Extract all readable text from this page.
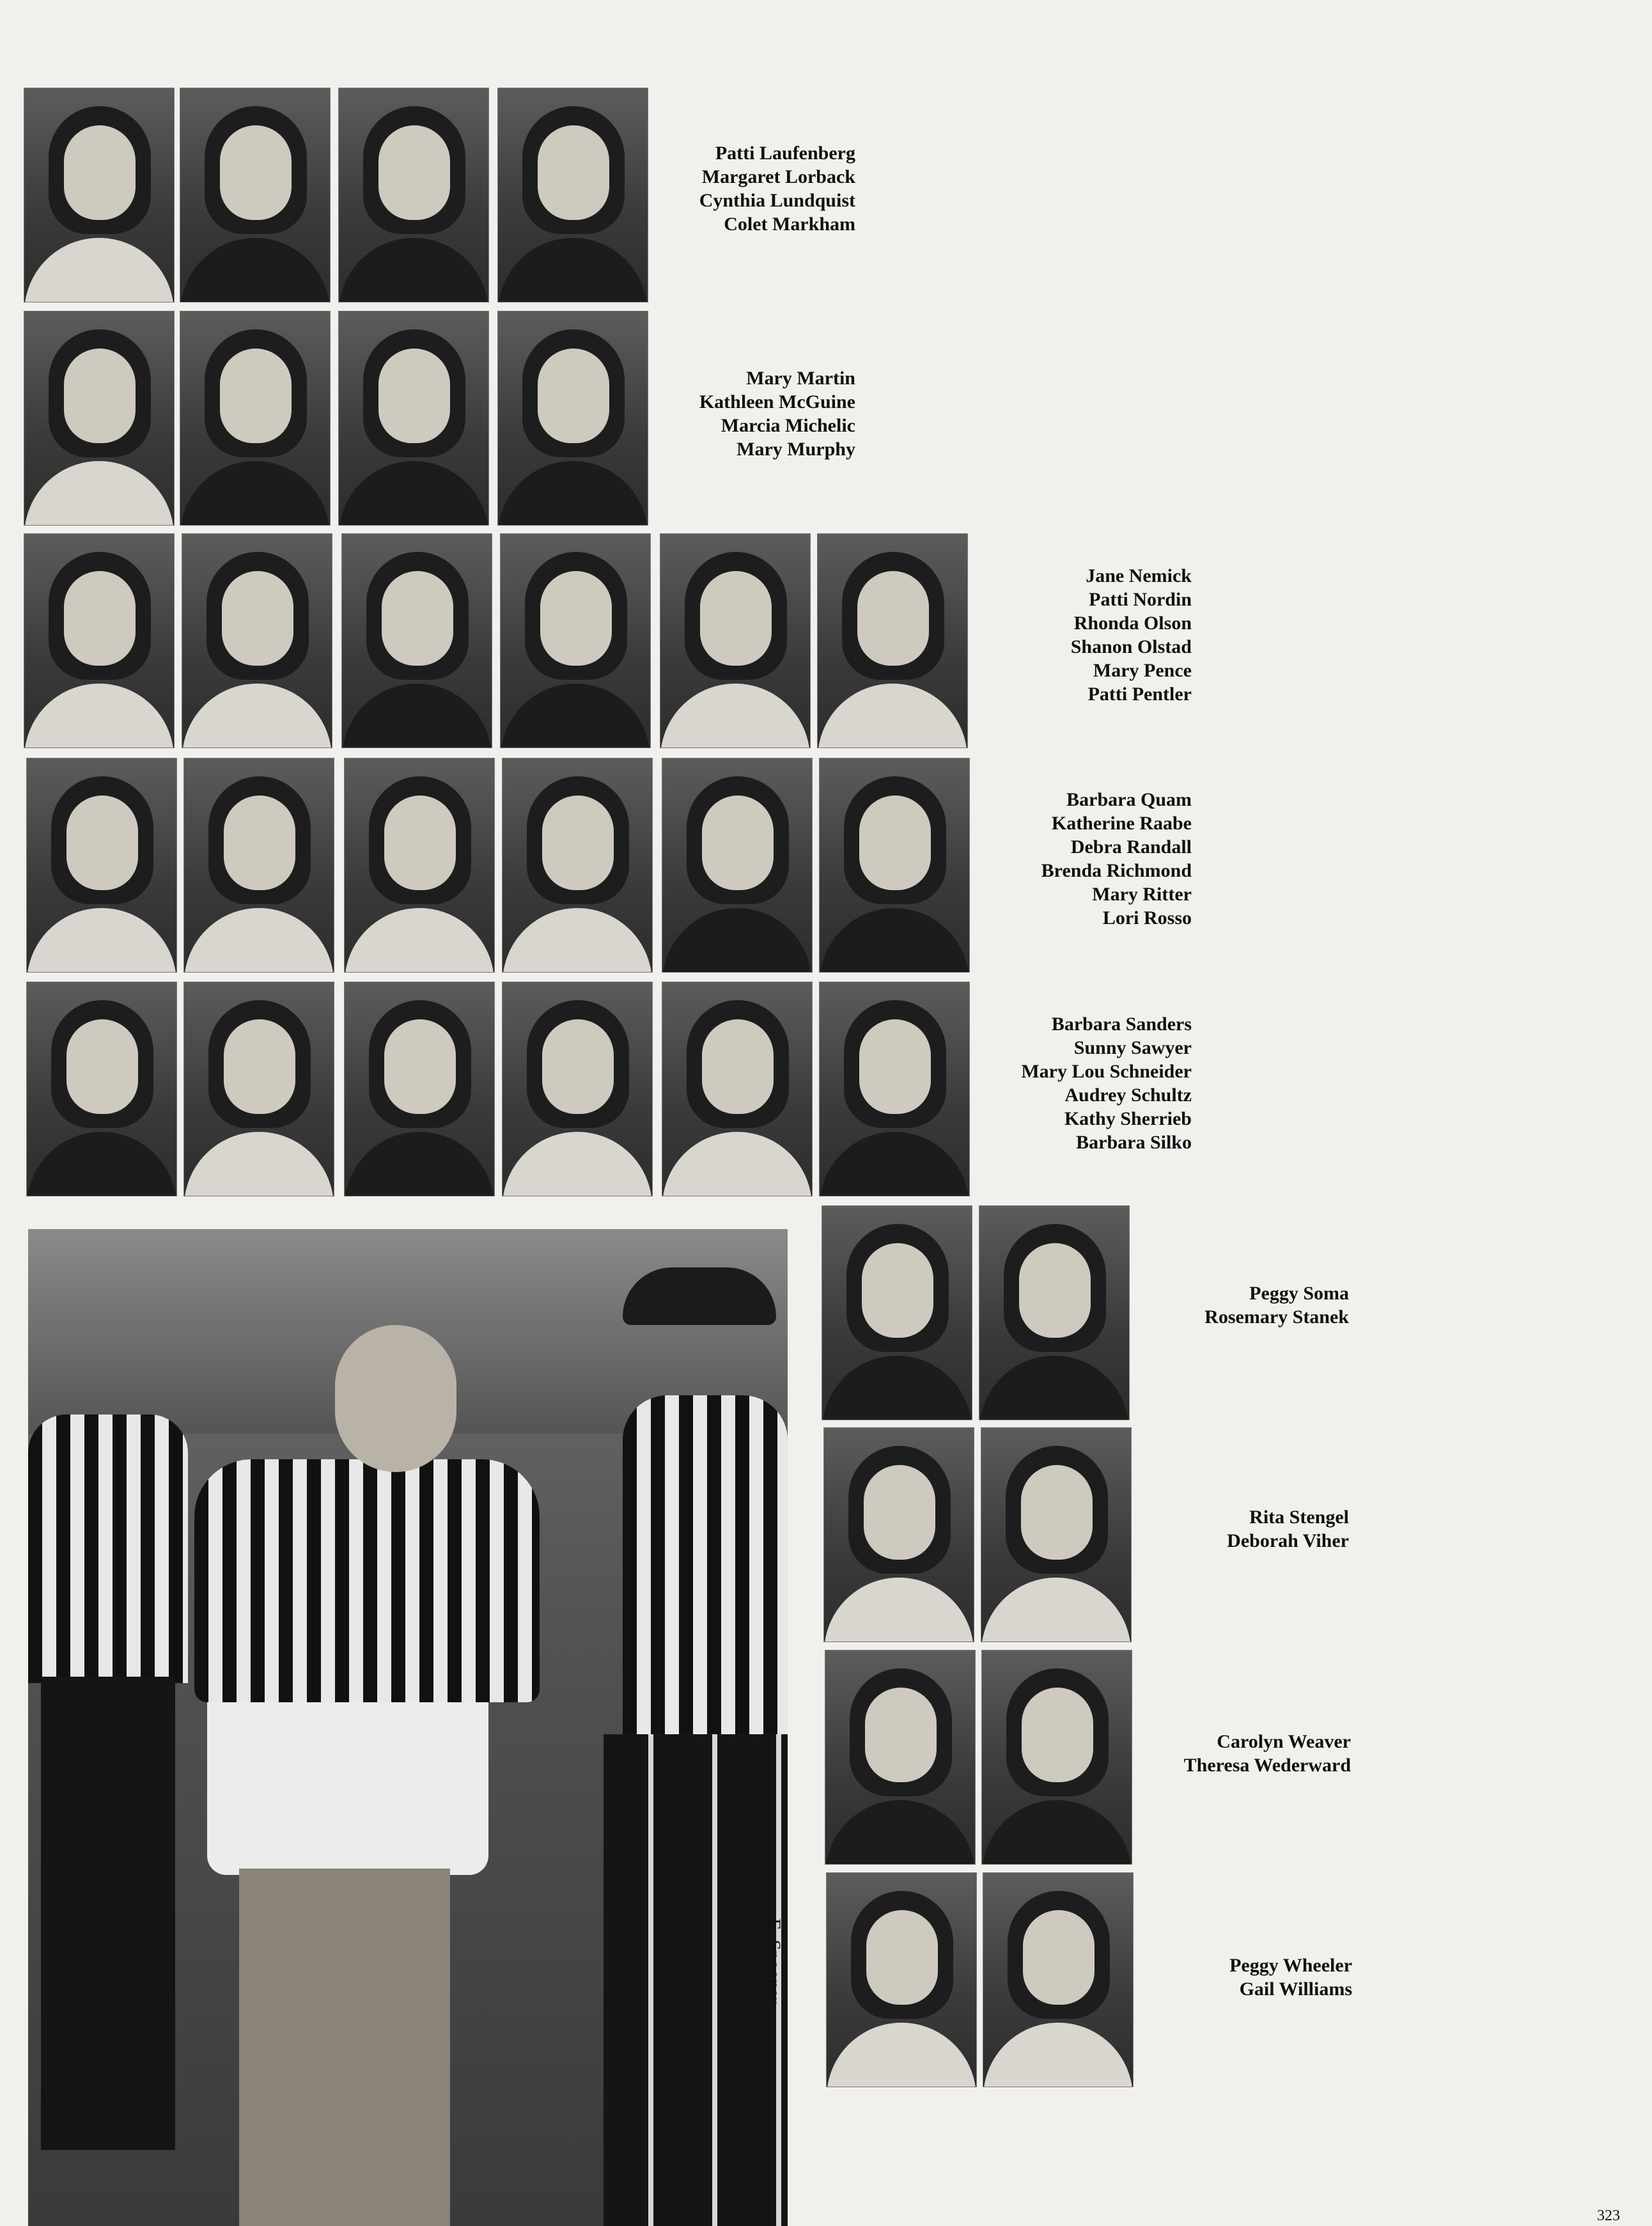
Patti Laufenberg
Margaret Lorback
Cynthia Lundquist
Colet Markham
Mary Martin
Kathleen McGuine
Marcia Michelic
Mary Murphy
Jane Nemick
Patti Nordin
Rhonda Olson
Shanon Olstad
Mary Pence
Patti Pentler
Barbara Quam
Katherine Raabe
Debra Randall
Brenda Richmond
Mary Ritter
Lori Rosso
Barbara Sanders
Sunny Sawyer
Mary Lou Schneider
Audrey Schultz
Kathy Sherrieb
Barbara Silko
E. Spooner
Peggy Soma
Rosemary Stanek
Rita Stengel
Deborah Viher
Carolyn Weaver
Theresa Wederward
Peggy Wheeler
Gail Williams
323
